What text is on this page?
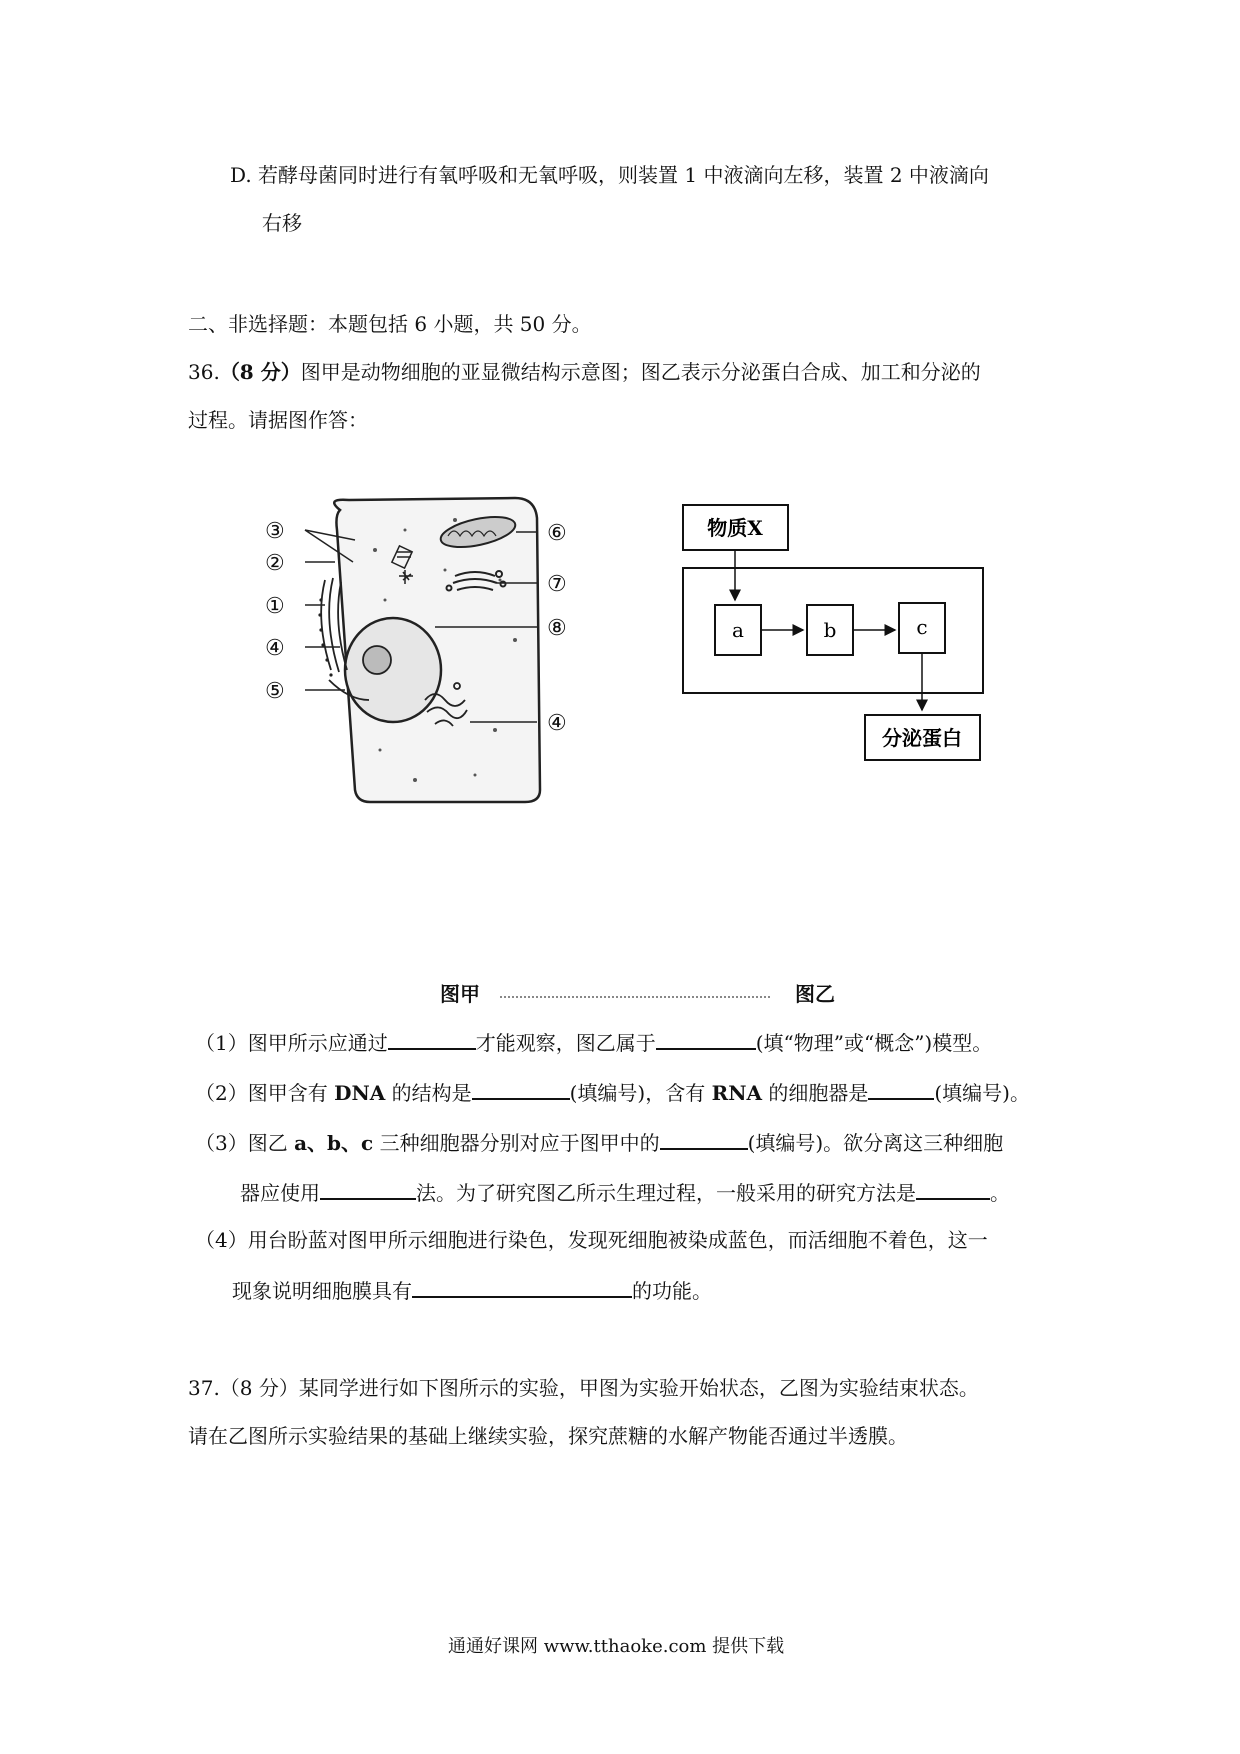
D. 若酵母菌同时进行有氧呼吸和无氧呼吸，则装置 1 中液滴向左移，装置 2 中液滴向
右移
二、非选择题：本题包括 6 小题，共 50 分。
36.（8 分）图甲是动物细胞的亚显微结构示意图；图乙表示分泌蛋白合成、加工和分泌的
过程。请据图作答：
③
②
①
④
⑤
⑥
⑦
⑧
④
物质X
a	b	c
分泌蛋白
图甲	图乙
（1）图甲所示应通过	才能观察，图乙属于	(填“物理”或“概念”)模型。
（2）图甲含有 DNA 的结构是	(填编号)，含有 RNA 的细胞器是	(填编号)。
（3）图乙 a、b、c 三种细胞器分别对应于图甲中的	(填编号)。欲分离这三种细胞
器应使用	法。为了研究图乙所示生理过程，一般采用的研究方法是	。
（4）用台盼蓝对图甲所示细胞进行染色，发现死细胞被染成蓝色，而活细胞不着色，这一
现象说明细胞膜具有	的功能。
37.（8 分）某同学进行如下图所示的实验，甲图为实验开始状态，乙图为实验结束状态。
请在乙图所示实验结果的基础上继续实验，探究蔗糖的水解产物能否通过半透膜。
通通好课网 www.tthaoke.com 提供下载
